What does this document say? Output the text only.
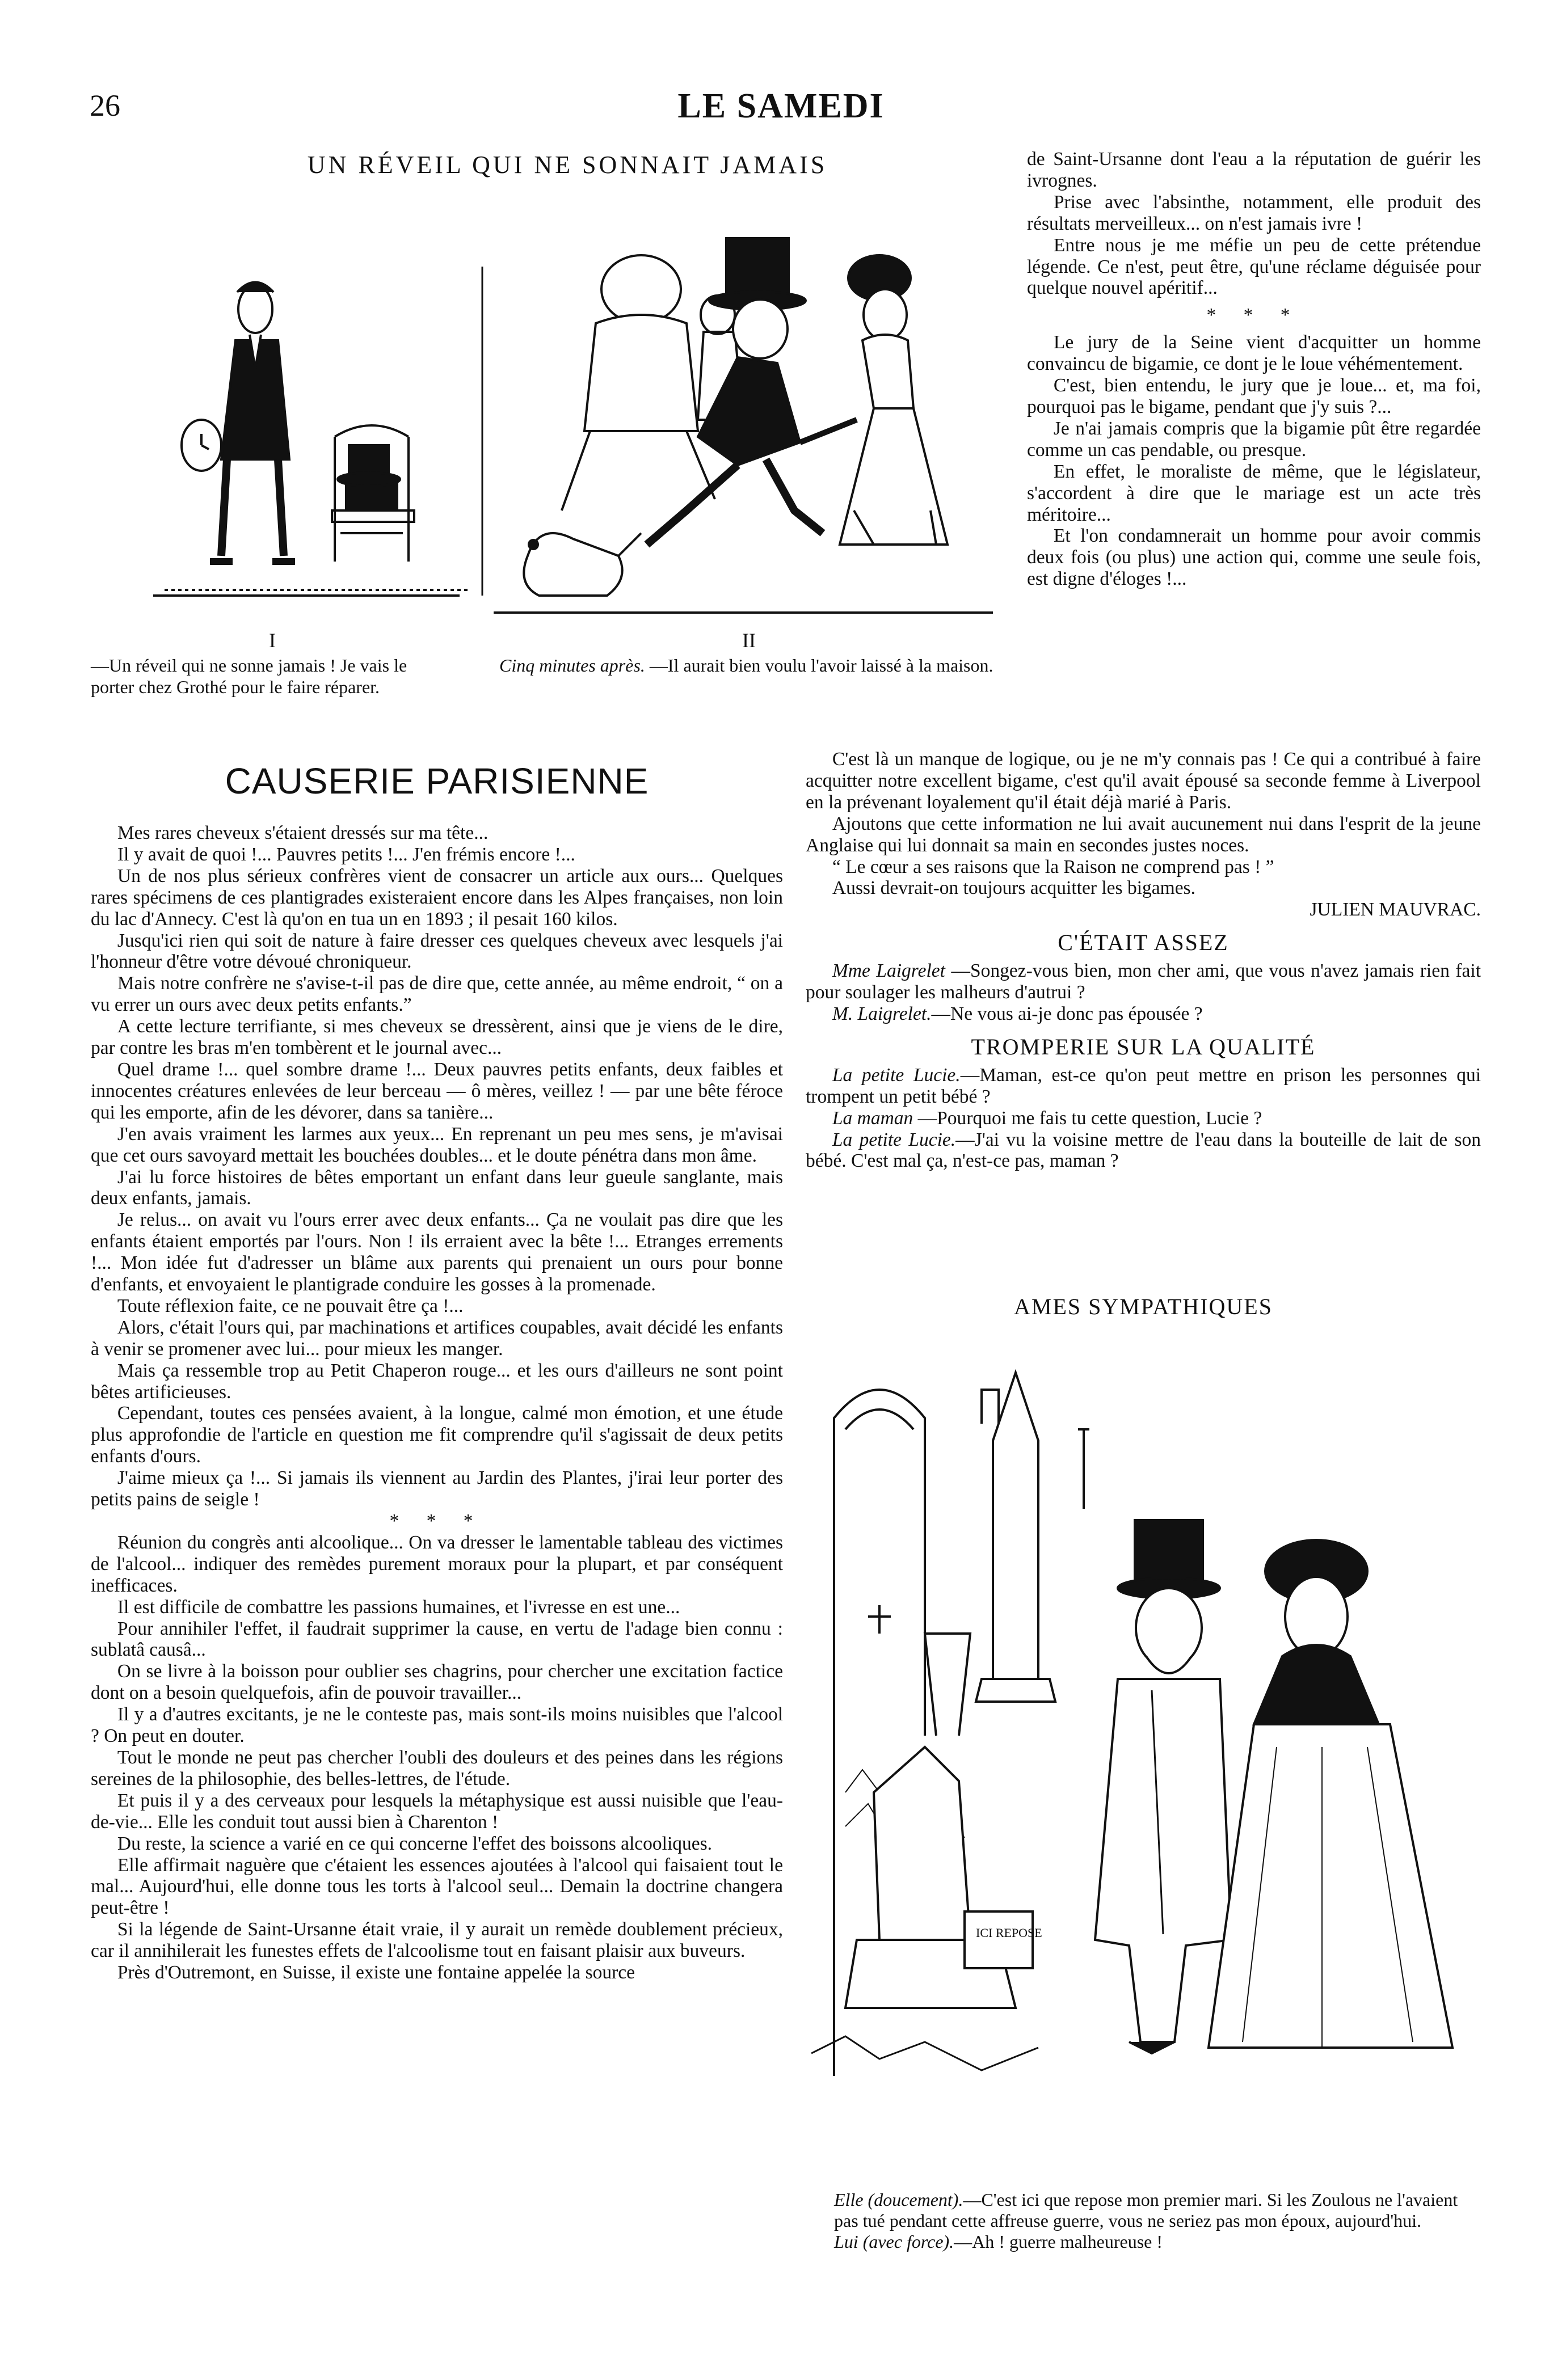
26	LE SAMEDI
UN RÉVEIL QUI NE SONNAIT JAMAIS
I
—Un réveil qui ne sonne jamais ! Je vais le porter chez Grothé pour le faire réparer.
II
Cinq minutes après. —Il aurait bien voulu l'avoir laissé à la maison.
CAUSERIE PARISIENNE

Mes rares cheveux s'étaient dressés sur ma tête...

Il y avait de quoi !... Pauvres petits !... J'en frémis encore !...

Un de nos plus sérieux confrères vient de consacrer un article aux ours... Quelques rares spécimens de ces plantigrades existeraient encore dans les Alpes françaises, non loin du lac d'Annecy. C'est là qu'on en tua un en 1893 ; il pesait 160 kilos.

Jusqu'ici rien qui soit de nature à faire dresser ces quelques cheveux avec lesquels j'ai l'honneur d'être votre dévoué chroniqueur.

Mais notre confrère ne s'avise-t-il pas de dire que, cette année, au même endroit, “ on a vu errer un ours avec deux petits enfants.”

A cette lecture terrifiante, si mes cheveux se dressèrent, ainsi que je viens de le dire, par contre les bras m'en tombèrent et le journal avec...

Quel drame !... quel sombre drame !... Deux pauvres petits enfants, deux faibles et innocentes créatures enlevées de leur berceau — ô mères, veillez ! — par une bête féroce qui les emporte, afin de les dévorer, dans sa tanière...

J'en avais vraiment les larmes aux yeux... En reprenant un peu mes sens, je m'avisai que cet ours savoyard mettait les bouchées doubles... et le doute pénétra dans mon âme.

J'ai lu force histoires de bêtes emportant un enfant dans leur gueule sanglante, mais deux enfants, jamais.

Je relus... on avait vu l'ours errer avec deux enfants... Ça ne voulait pas dire que les enfants étaient emportés par l'ours. Non ! ils erraient avec la bête !... Etranges errements !... Mon idée fut d'adresser un blâme aux parents qui prenaient un ours pour bonne d'enfants, et envoyaient le plantigrade conduire les gosses à la promenade.

Toute réflexion faite, ce ne pouvait être ça !...

Alors, c'était l'ours qui, par machinations et artifices coupables, avait décidé les enfants à venir se promener avec lui... pour mieux les manger.

Mais ça ressemble trop au Petit Chaperon rouge... et les ours d'ailleurs ne sont point bêtes artificieuses.

Cependant, toutes ces pensées avaient, à la longue, calmé mon émotion, et une étude plus approfondie de l'article en question me fit comprendre qu'il s'agissait de deux petits enfants d'ours.

J'aime mieux ça !... Si jamais ils viennent au Jardin des Plantes, j'irai leur porter des petits pains de seigle !

* * *

Réunion du congrès anti alcoolique... On va dresser le lamentable tableau des victimes de l'alcool... indiquer des remèdes purement moraux pour la plupart, et par conséquent inefficaces.

Il est difficile de combattre les passions humaines, et l'ivresse en est une...

Pour annihiler l'effet, il faudrait supprimer la cause, en vertu de l'adage bien connu : sublatâ causâ...

On se livre à la boisson pour oublier ses chagrins, pour chercher une excitation factice dont on a besoin quelquefois, afin de pouvoir travailler...

Il y a d'autres excitants, je ne le conteste pas, mais sont-ils moins nuisibles que l'alcool ? On peut en douter.

Tout le monde ne peut pas chercher l'oubli des douleurs et des peines dans les régions sereines de la philosophie, des belles-lettres, de l'étude.

Et puis il y a des cerveaux pour lesquels la métaphysique est aussi nuisible que l'eau-de-vie... Elle les conduit tout aussi bien à Charenton !

Du reste, la science a varié en ce qui concerne l'effet des boissons alcooliques.

Elle affirmait naguère que c'étaient les essences ajoutées à l'alcool qui faisaient tout le mal... Aujourd'hui, elle donne tous les torts à l'alcool seul... Demain la doctrine changera peut-être !

Si la légende de Saint-Ursanne était vraie, il y aurait un remède doublement précieux, car il annihilerait les funestes effets de l'alcoolisme tout en faisant plaisir aux buveurs.

Près d'Outremont, en Suisse, il existe une fontaine appelée la source

de Saint-Ursanne dont l'eau a la réputation de guérir les ivrognes.

Prise avec l'absinthe, notamment, elle produit des résultats merveilleux... on n'est jamais ivre !

Entre nous je me méfie un peu de cette prétendue légende. Ce n'est, peut être, qu'une réclame déguisée pour quelque nouvel apéritif...

* * *

Le jury de la Seine vient d'acquitter un homme convaincu de bigamie, ce dont je le loue véhémentement.

C'est, bien entendu, le jury que je loue... et, ma foi, pourquoi pas le bigame, pendant que j'y suis ?...

Je n'ai jamais compris que la bigamie pût être regardée comme un cas pendable, ou presque.

En effet, le moraliste de même, que le législateur, s'accordent à dire que le mariage est un acte très méritoire...

Et l'on condamnerait un homme pour avoir commis deux fois (ou plus) une action qui, comme une seule fois, est digne d'éloges !...

C'est là un manque de logique, ou je ne m'y connais pas ! Ce qui a contribué à faire acquitter notre excellent bigame, c'est qu'il avait épousé sa seconde femme à Liverpool en la prévenant loyalement qu'il était déjà marié à Paris.

Ajoutons que cette information ne lui avait aucunement nui dans l'esprit de la jeune Anglaise qui lui donnait sa main en secondes justes noces.

“ Le cœur a ses raisons que la Raison ne comprend pas ! ”

Aussi devrait-on toujours acquitter les bigames.

JULIEN MAUVRAC.

C'ÉTAIT ASSEZ

Mme Laigrelet —Songez-vous bien, mon cher ami, que vous n'avez jamais rien fait pour soulager les malheurs d'autrui ?

M. Laigrelet.—Ne vous ai-je donc pas épousée ?

TROMPERIE SUR LA QUALITÉ

La petite Lucie.—Maman, est-ce qu'on peut mettre en prison les personnes qui trompent un petit bébé ?

La maman —Pourquoi me fais tu cette question, Lucie ?

La petite Lucie.—J'ai vu la voisine mettre de l'eau dans la bouteille de lait de son bébé. C'est mal ça, n'est-ce pas, maman ?

AMES SYMPATHIQUES
ICI REPOSE

Elle (doucement).—C'est ici que repose mon premier mari. Si les Zoulous ne l'avaient pas tué pendant cette affreuse guerre, vous ne seriez pas mon époux, aujourd'hui.

Lui (avec force).—Ah ! guerre malheureuse !
